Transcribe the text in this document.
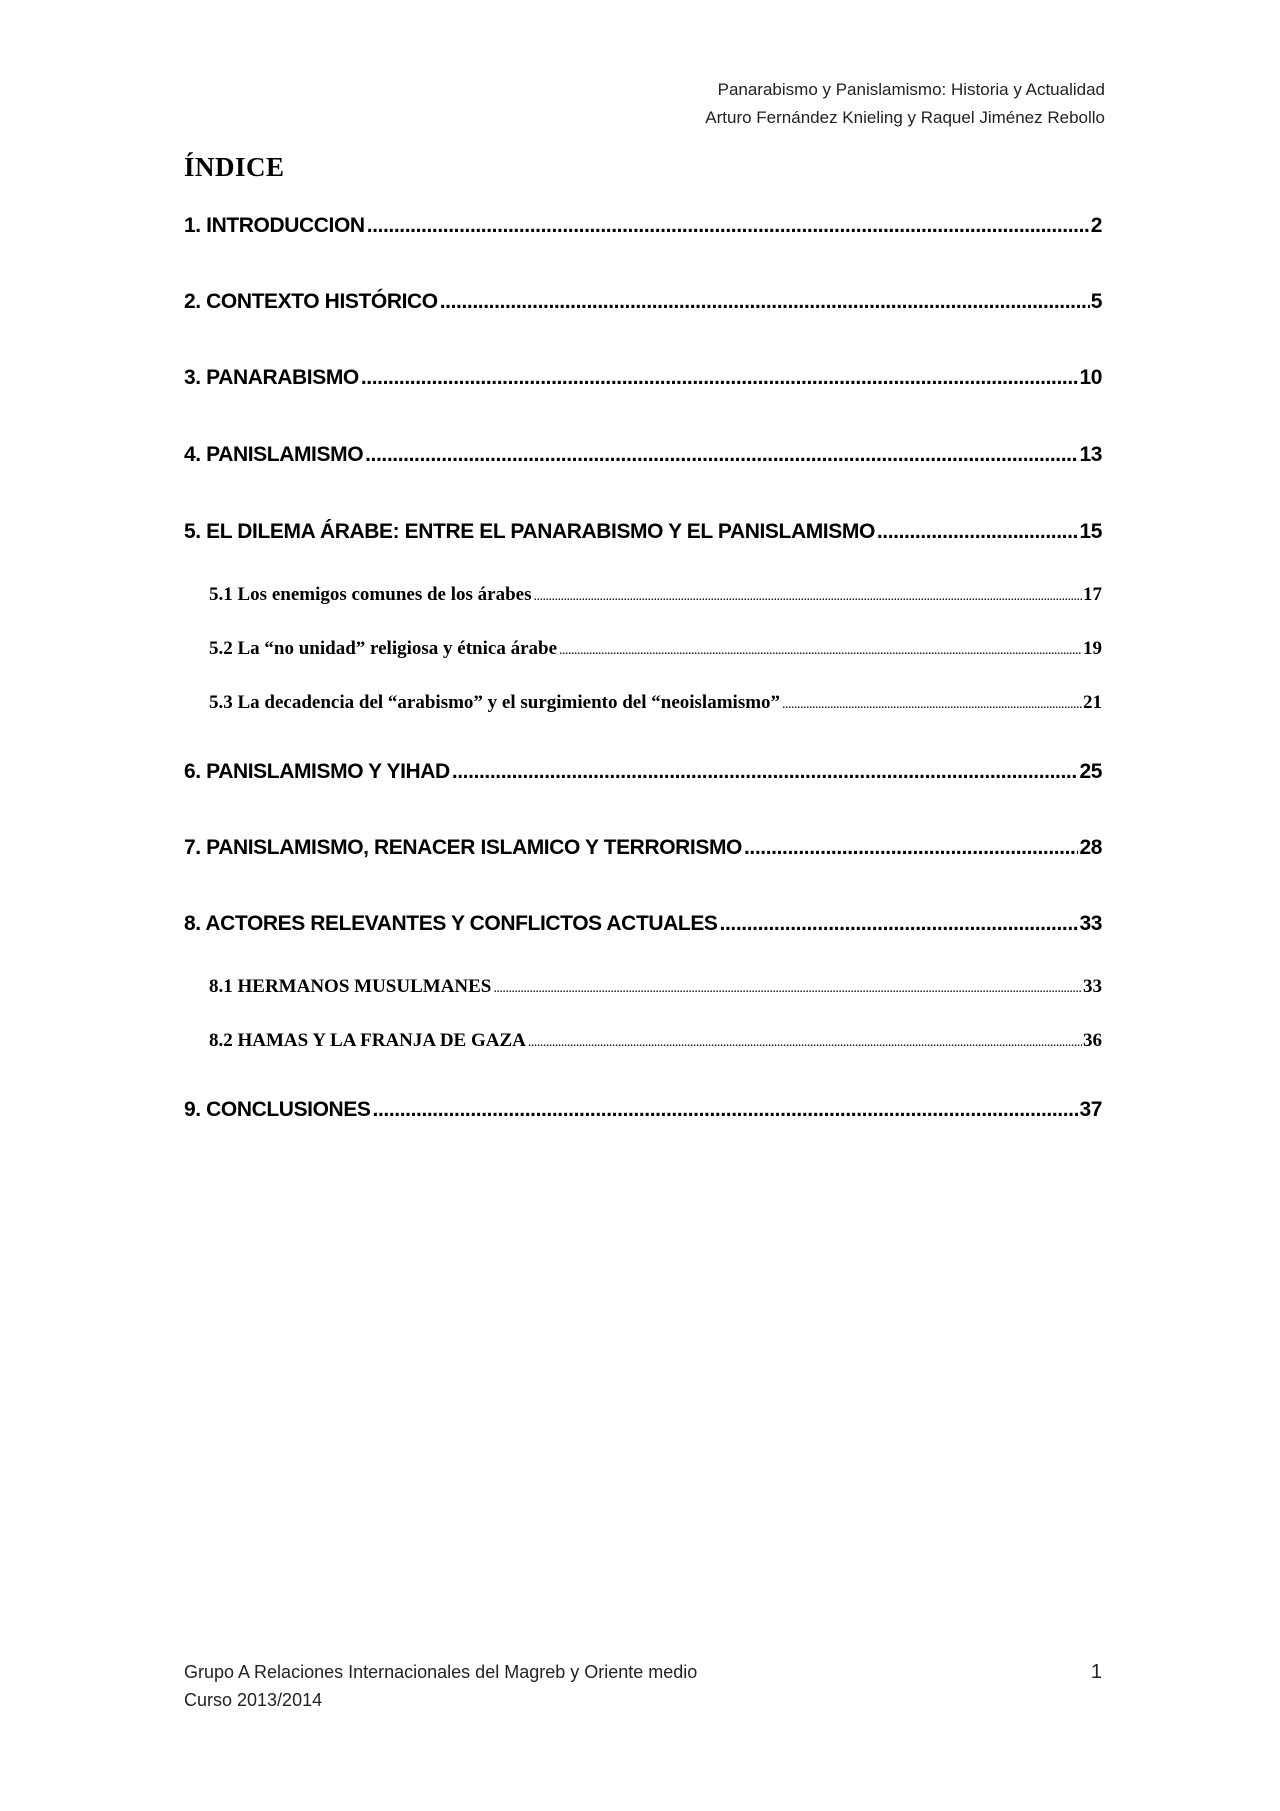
Panarabismo y Panislamismo: Historia y Actualidad
Arturo Fernández Knieling y Raquel Jiménez Rebollo
ÍNDICE
1. INTRODUCCION .....	2
2. CONTEXTO HISTÓRICO .....	5
3. PANARABISMO .....	10
4. PANISLAMISMO .....	13
5. EL DILEMA ÁRABE: ENTRE EL PANARABISMO Y EL PANISLAMISMO .....	15
5.1 Los enemigos comunes de los árabes .....	17
5.2 La “no unidad” religiosa y étnica árabe .....	19
5.3 La decadencia del “arabismo” y el surgimiento del “neoislamismo” .....	21
6. PANISLAMISMO Y YIHAD .....	25
7. PANISLAMISMO, RENACER ISLAMICO Y TERRORISMO .....	28
8. ACTORES RELEVANTES Y CONFLICTOS ACTUALES .....	33
8.1 HERMANOS MUSULMANES .....	33
8.2 HAMAS Y LA FRANJA DE GAZA .....	36
9. CONCLUSIONES .....	37
Grupo A Relaciones Internacionales del Magreb y Oriente medio
Curso 2013/2014
1
